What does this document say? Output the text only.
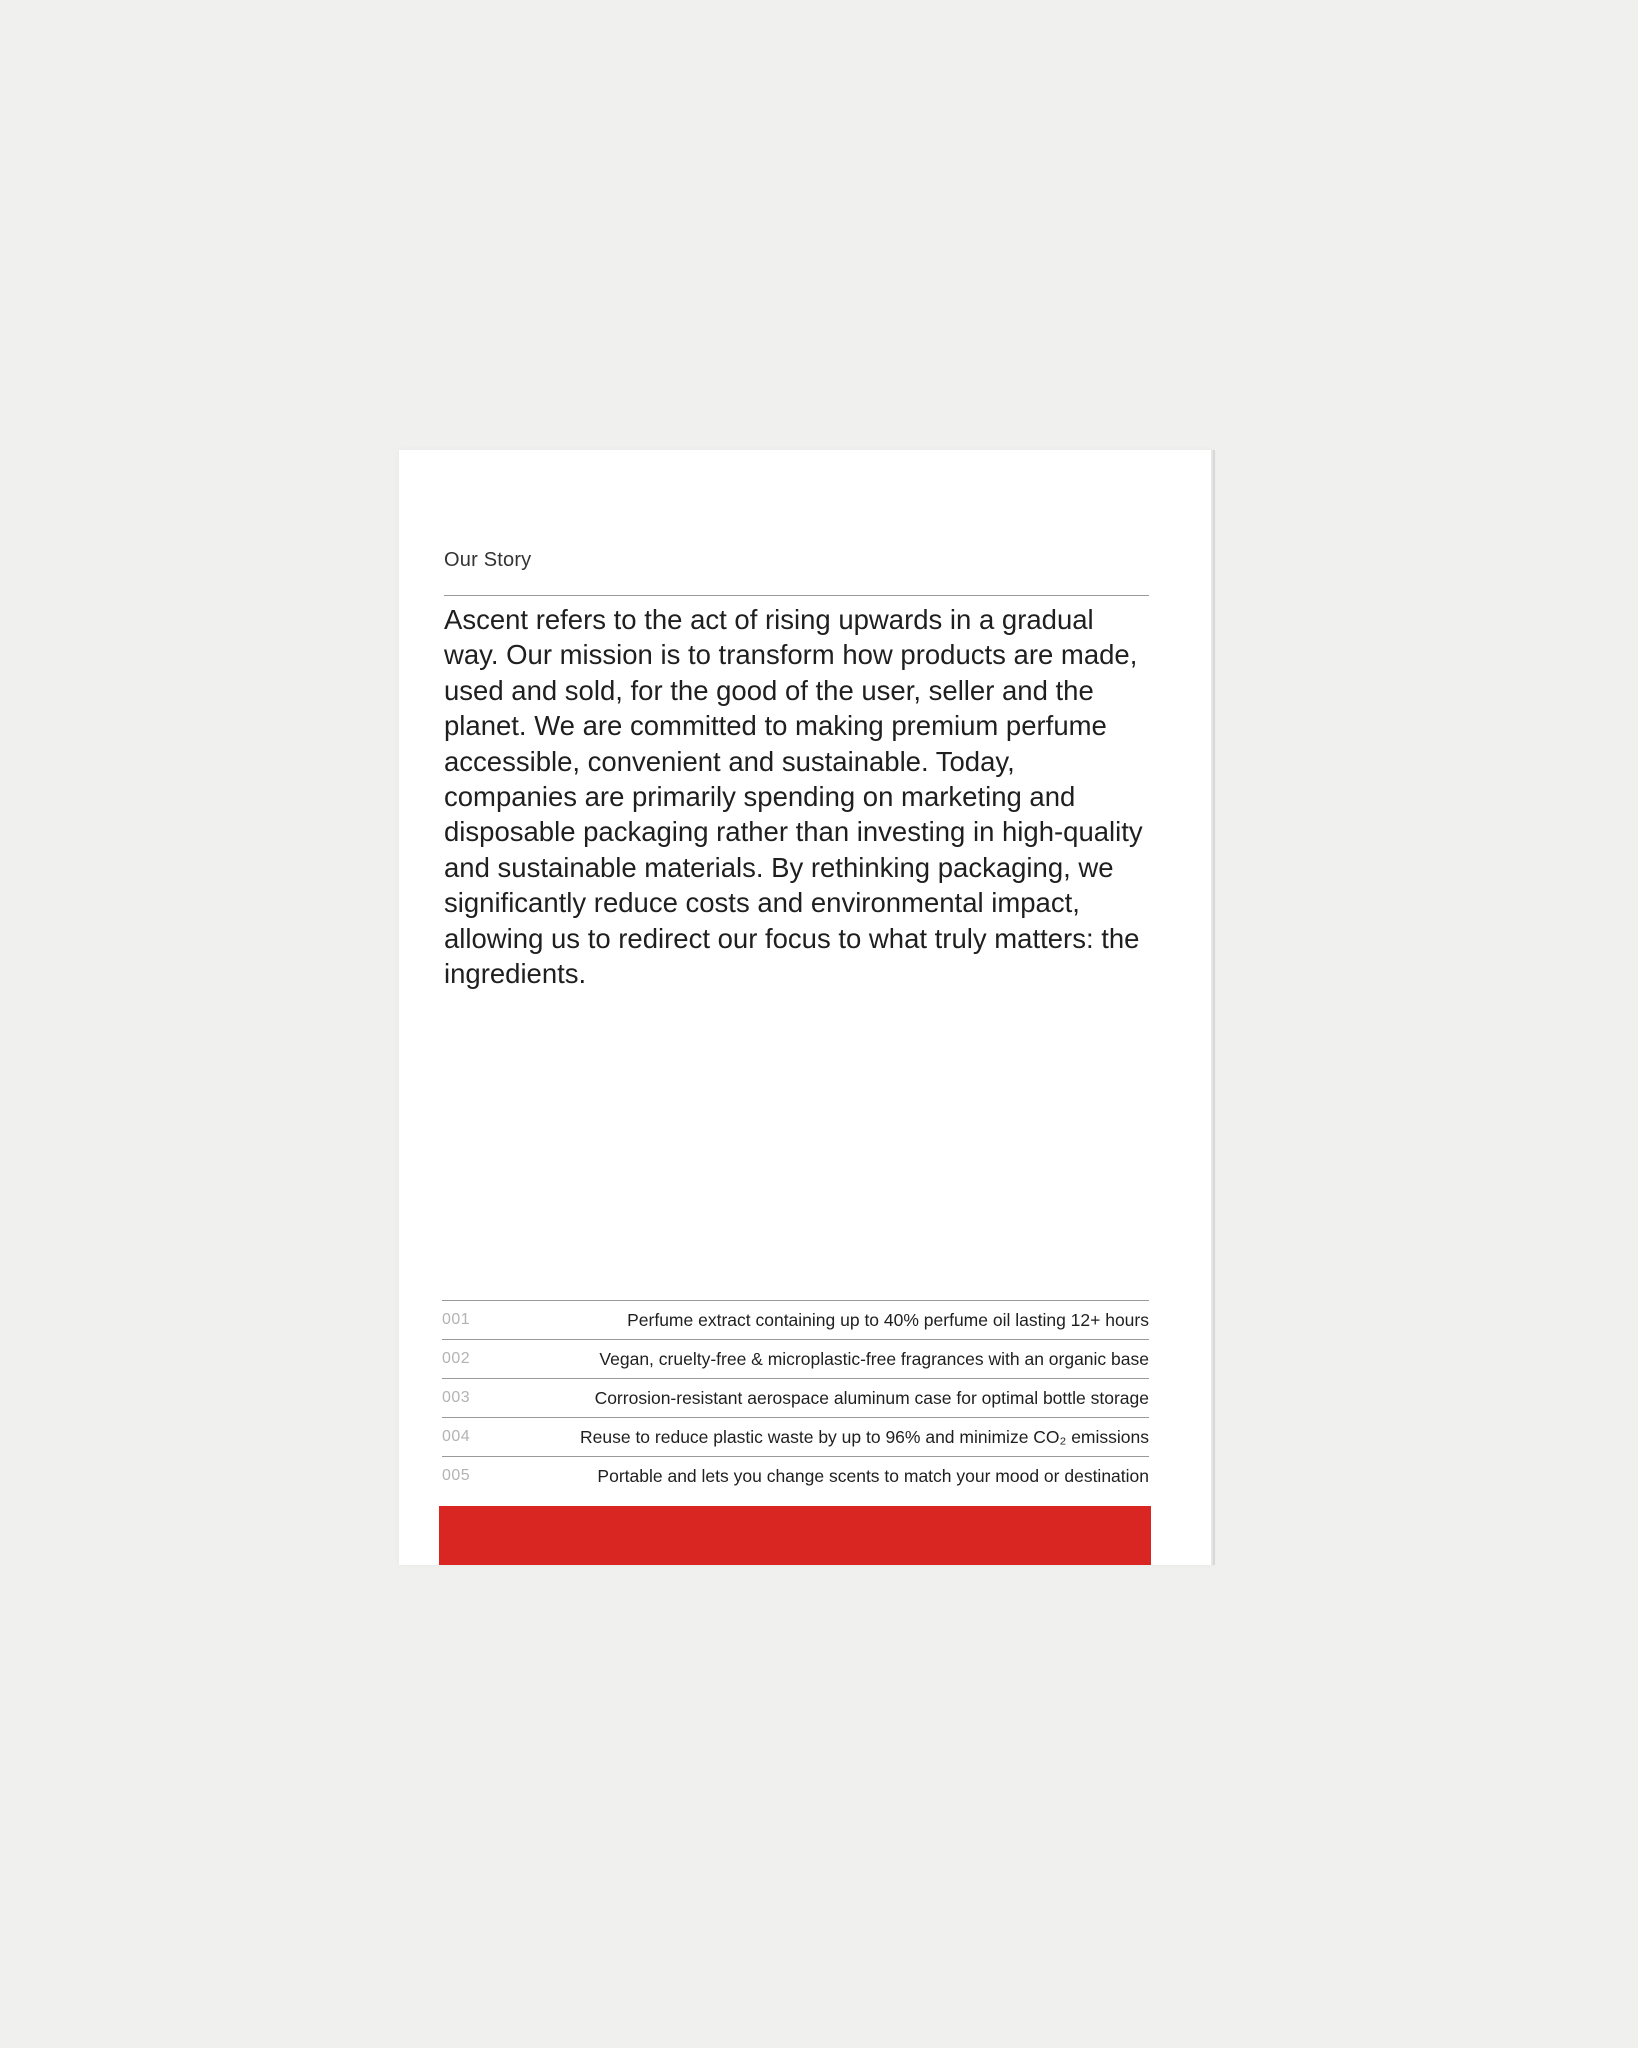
Our Story
Ascent refers to the act of rising upwards in a gradual way. Our mission is to transform how products are made, used and sold, for the good of the user, seller and the planet. We are committed to making premium perfume accessible, convenient and sustainable. Today, companies are primarily spending on marketing and disposable packaging rather than investing in high-quality and sustainable materials. By rethinking packaging, we significantly reduce costs and environmental impact, allowing us to redirect our focus to what truly matters: the ingredients.
001	Perfume extract containing up to 40% perfume oil lasting 12+ hours
002	Vegan, cruelty-free & microplastic-free fragrances with an organic base
003	Corrosion-resistant aerospace aluminum case for optimal bottle storage
004	Reuse to reduce plastic waste by up to 96% and minimize CO₂ emissions
005	Portable and lets you change scents to match your mood or destination
